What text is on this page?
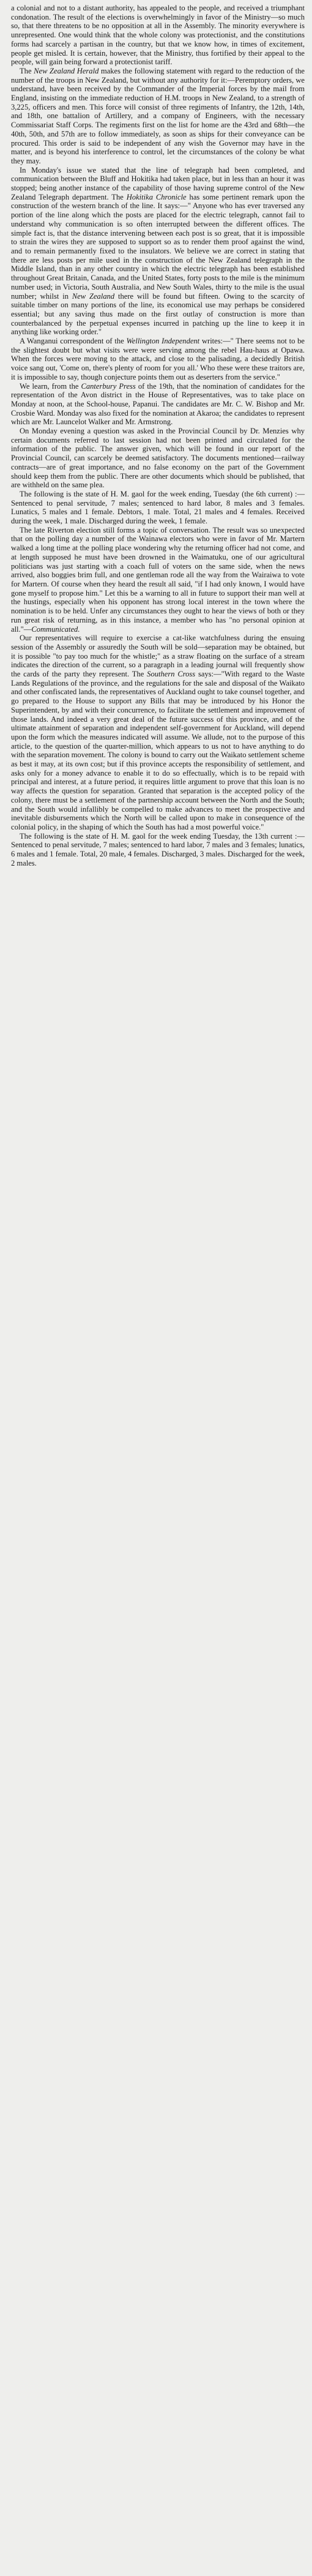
a colonial and not to a distant authority, has appealed to the people, and received a triumphant condonation. The result of the elections is overwhelmingly in favor of the Ministry—so much so, that there threatens to be no opposition at all in the Assembly. The minority everywhere is unrepresented. One would think that the whole colony was protectionist, and the constitutions forms had scarcely a partisan in the country, but that we know how, in times of excitement, people get misled. It is certain, however, that the Ministry, thus fortified by their appeal to the people, will gain being forward a protectionist tariff.

The New Zealand Herald makes the following statement with regard to the reduction of the number of the troops in New Zealand, but without any authority for it:—Peremptory orders, we understand, have been received by the Commander of the Imperial forces by the mail from England, insisting on the immediate reduction of H.M. troops in New Zealand, to a strength of 3,225, officers and men. This force will consist of three regiments of Infantry, the 12th, 14th, and 18th, one battalion of Artillery, and a company of Engineers, with the necessary Commissariat Staff Corps. The regiments first on the list for home are the 43rd and 68th—the 40th, 50th, and 57th are to follow immediately, as soon as ships for their conveyance can be procured. This order is said to be independent of any wish the Governor may have in the matter, and is beyond his interference to control, let the circumstances of the colony be what they may.

In Monday's issue we stated that the line of telegraph had been completed, and communication between the Bluff and Hokitika had taken place, but in less than an hour it was stopped; being another instance of the capability of those having supreme control of the New Zealand Telegraph department. The Hokitika Chronicle has some pertinent remark upon the construction of the western branch of the line. It says:—" Anyone who has ever traversed any portion of the line along which the posts are placed for the electric telegraph, cannot fail to understand why communication is so often interrupted between the different offices. The simple fact is, that the distance intervening between each post is so great, that it is impossible to strain the wires they are supposed to support so as to render them proof against the wind, and to remain permanently fixed to the insulators. We believe we are correct in stating that there are less posts per mile used in the construction of the New Zealand telegraph in the Middle Island, than in any other country in which the electric telegraph has been established throughout Great Britain, Canada, and the United States, forty posts to the mile is the minimum number used; in Victoria, South Australia, and New South Wales, thirty to the mile is the usual number; whilst in New Zealand there will be found but fifteen. Owing to the scarcity of suitable timber on many portions of the line, its economical use may perhaps be considered essential; but any saving thus made on the first outlay of construction is more than counterbalanced by the perpetual expenses incurred in patching up the line to keep it in anything like working order."

A Wanganui correspondent of the Wellington Independent writes:—" There seems not to be the slightest doubt but what visits were were serving among the rebel Hau-haus at Opawa. When the forces were moving to the attack, and close to the palisading, a decidedly British voice sang out, 'Come on, there's plenty of room for you all.' Who these were these traitors are, it is impossible to say, though conjecture points them out as deserters from the service."

We learn, from the Canterbury Press of the 19th, that the nomination of candidates for the representation of the Avon district in the House of Representatives, was to take place on Monday at noon, at the School-house, Papanui. The candidates are Mr. C. W. Bishop and Mr. Crosbie Ward. Monday was also fixed for the nomination at Akaroa; the candidates to represent which are Mr. Launcelot Walker and Mr. Armstrong.

On Monday evening a question was asked in the Provincial Council by Dr. Menzies why certain documents referred to last session had not been printed and circulated for the information of the public. The answer given, which will be found in our report of the Provincial Council, can scarcely be deemed satisfactory. The documents mentioned—railway contracts—are of great importance, and no false economy on the part of the Government should keep them from the public. There are other documents which should be published, that are withheld on the same plea.

The following is the state of H. M. gaol for the week ending, Tuesday (the 6th current) :—Sentenced to penal servitude, 7 males; sentenced to hard labor, 8 males and 3 females. Lunatics, 5 males and 1 female. Debtors, 1 male. Total, 21 males and 4 females. Received during the week, 1 male. Discharged during the week, 1 female.

The late Riverton election still forms a topic of conversation. The result was so unexpected that on the polling day a number of the Wainawa electors who were in favor of Mr. Martern walked a long time at the polling place wondering why the returning officer had not come, and at length supposed he must have been drowned in the Waimatuku, one of our agricultural politicians was just starting with a coach full of voters on the same side, when the news arrived, also boggies brim full, and one gentleman rode all the way from the Wairaiwa to vote for Martern. Of course when they heard the result all said, "if I had only known, I would have gone myself to propose him." Let this be a warning to all in future to support their man well at the hustings, especially when his opponent has strong local interest in the town where the nomination is to be held. Unfer any circumstances they ought to hear the views of both or they run great risk of returning, as in this instance, a member who has "no personal opinion at all."—Communicated.

Our representatives will require to exercise a cat-like watchfulness during the ensuing session of the Assembly or assuredly the South will be sold—separation may be obtained, but it is possible "to pay too much for the whistle;" as a straw floating on the surface of a stream indicates the direction of the current, so a paragraph in a leading journal will frequently show the cards of the party they represent. The Southern Cross says:—"With regard to the Waste Lands Regulations of the province, and the regulations for the sale and disposal of the Waikato and other confiscated lands, the representatives of Auckland ought to take counsel together, and go prepared to the House to support any Bills that may be introduced by his Honor the Superintendent, by and with their concurrence, to facilitate the settlement and improvement of those lands. And indeed a very great deal of the future success of this province, and of the ultimate attainment of separation and independent self-government for Auckland, will depend upon the form which the measures indicated will assume. We allude, not to the purpose of this article, to the question of the quarter-million, which appears to us not to have anything to do with the separation movement. The colony is bound to carry out the Waikato settlement scheme as best it may, at its own cost; but if this province accepts the responsibility of settlement, and asks only for a money advance to enable it to do so effectually, which is to be repaid with principal and interest, at a future period, it requires little argument to prove that this loan is no way affects the question for separation. Granted that separation is the accepted policy of the colony, there must be a settlement of the partnership account between the North and the South; and the South would infallibly be compelled to make advances to meet the prospective and inevitable disbursements which the North will be called upon to make in consequence of the colonial policy, in the shaping of which the South has had a most powerful voice."

The following is the state of H. M. gaol for the week ending Tuesday, the 13th current :—Sentenced to penal servitude, 7 males; sentenced to hard labor, 7 males and 3 females; lunatics, 6 males and 1 female. Total, 20 male, 4 females. Discharged, 3 males. Discharged for the week, 2 males.
